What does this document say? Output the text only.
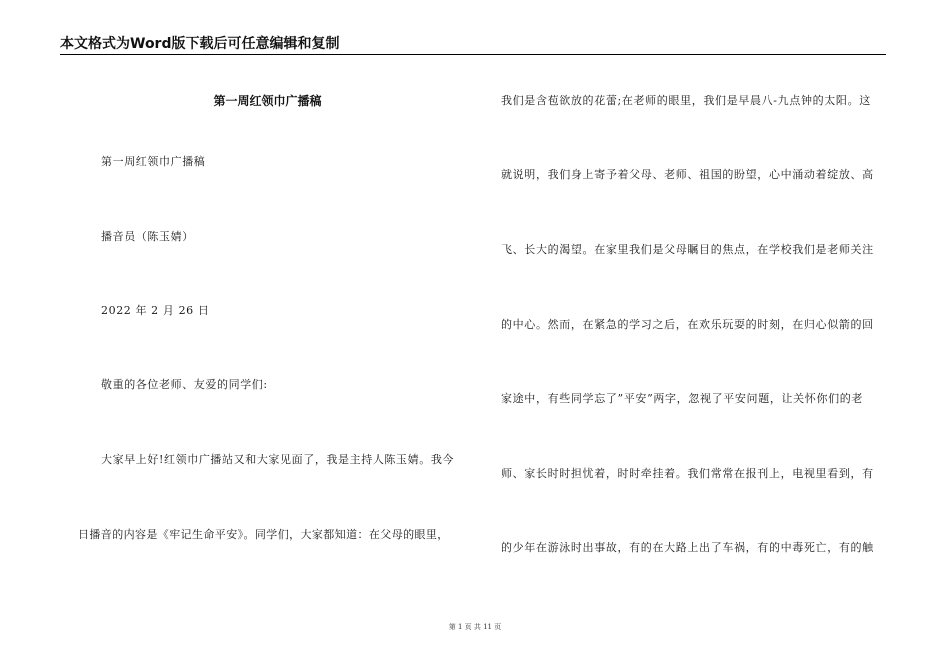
本文格式为Word版下载后可任意编辑和复制
第一周红领巾广播稿
第一周红领巾广播稿
播音员（陈玉婧）
2022 年 2 月 26 日
敬重的各位老师、友爱的同学们:
大家早上好!红领巾广播站又和大家见面了，我是主持人陈玉婧。我今
日播音的内容是《牢记生命平安》。同学们，大家都知道：在父母的眼里，
我们是含苞欲放的花蕾;在老师的眼里，我们是早晨八-九点钟的太阳。这
就说明，我们身上寄予着父母、老师、祖国的盼望，心中涌动着绽放、高
飞、长大的渴望。在家里我们是父母瞩目的焦点，在学校我们是老师关注
的中心。然而，在紧急的学习之后，在欢乐玩耍的时刻，在归心似箭的回
家途中，有些同学忘了”平安”两字，忽视了平安问题，让关怀你们的老
师、家长时时担忧着，时时牵挂着。我们常常在报刊上，电视里看到，有
的少年在游泳时出事故，有的在大路上出了车祸，有的中毒死亡，有的触
第 1 页 共 11 页
